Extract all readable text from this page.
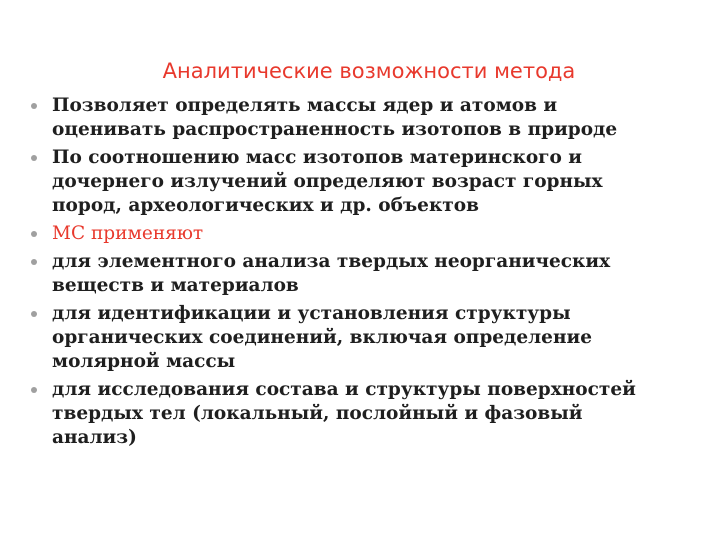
Аналитические возможности метода
Позволяет определять массы ядер и атомов и
оценивать распространенность изотопов в природе
По соотношению масс изотопов материнского и
дочернего излучений определяют возраст горных
пород, археологических и др. объектов
МС применяют
для элементного анализа твердых неорганических
веществ и материалов
для идентификации и установления структуры
органических соединений, включая определение
молярной массы
для исследования состава и структуры поверхностей
твердых тел (локальный, послойный и фазовый
анализ)
